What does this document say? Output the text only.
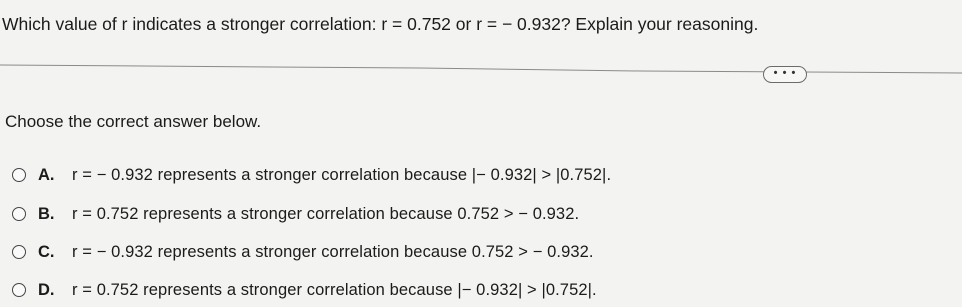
Which value of r indicates a stronger correlation: r = 0.752 or r = − 0.932? Explain your reasoning.
• • •
Choose the correct answer below.
A.	r = − 0.932 represents a stronger correlation because |− 0.932| > |0.752|.
B.	r = 0.752 represents a stronger correlation because 0.752 > − 0.932.
C.	r = − 0.932 represents a stronger correlation because 0.752 > − 0.932.
D.	r = 0.752 represents a stronger correlation because |− 0.932| > |0.752|.
